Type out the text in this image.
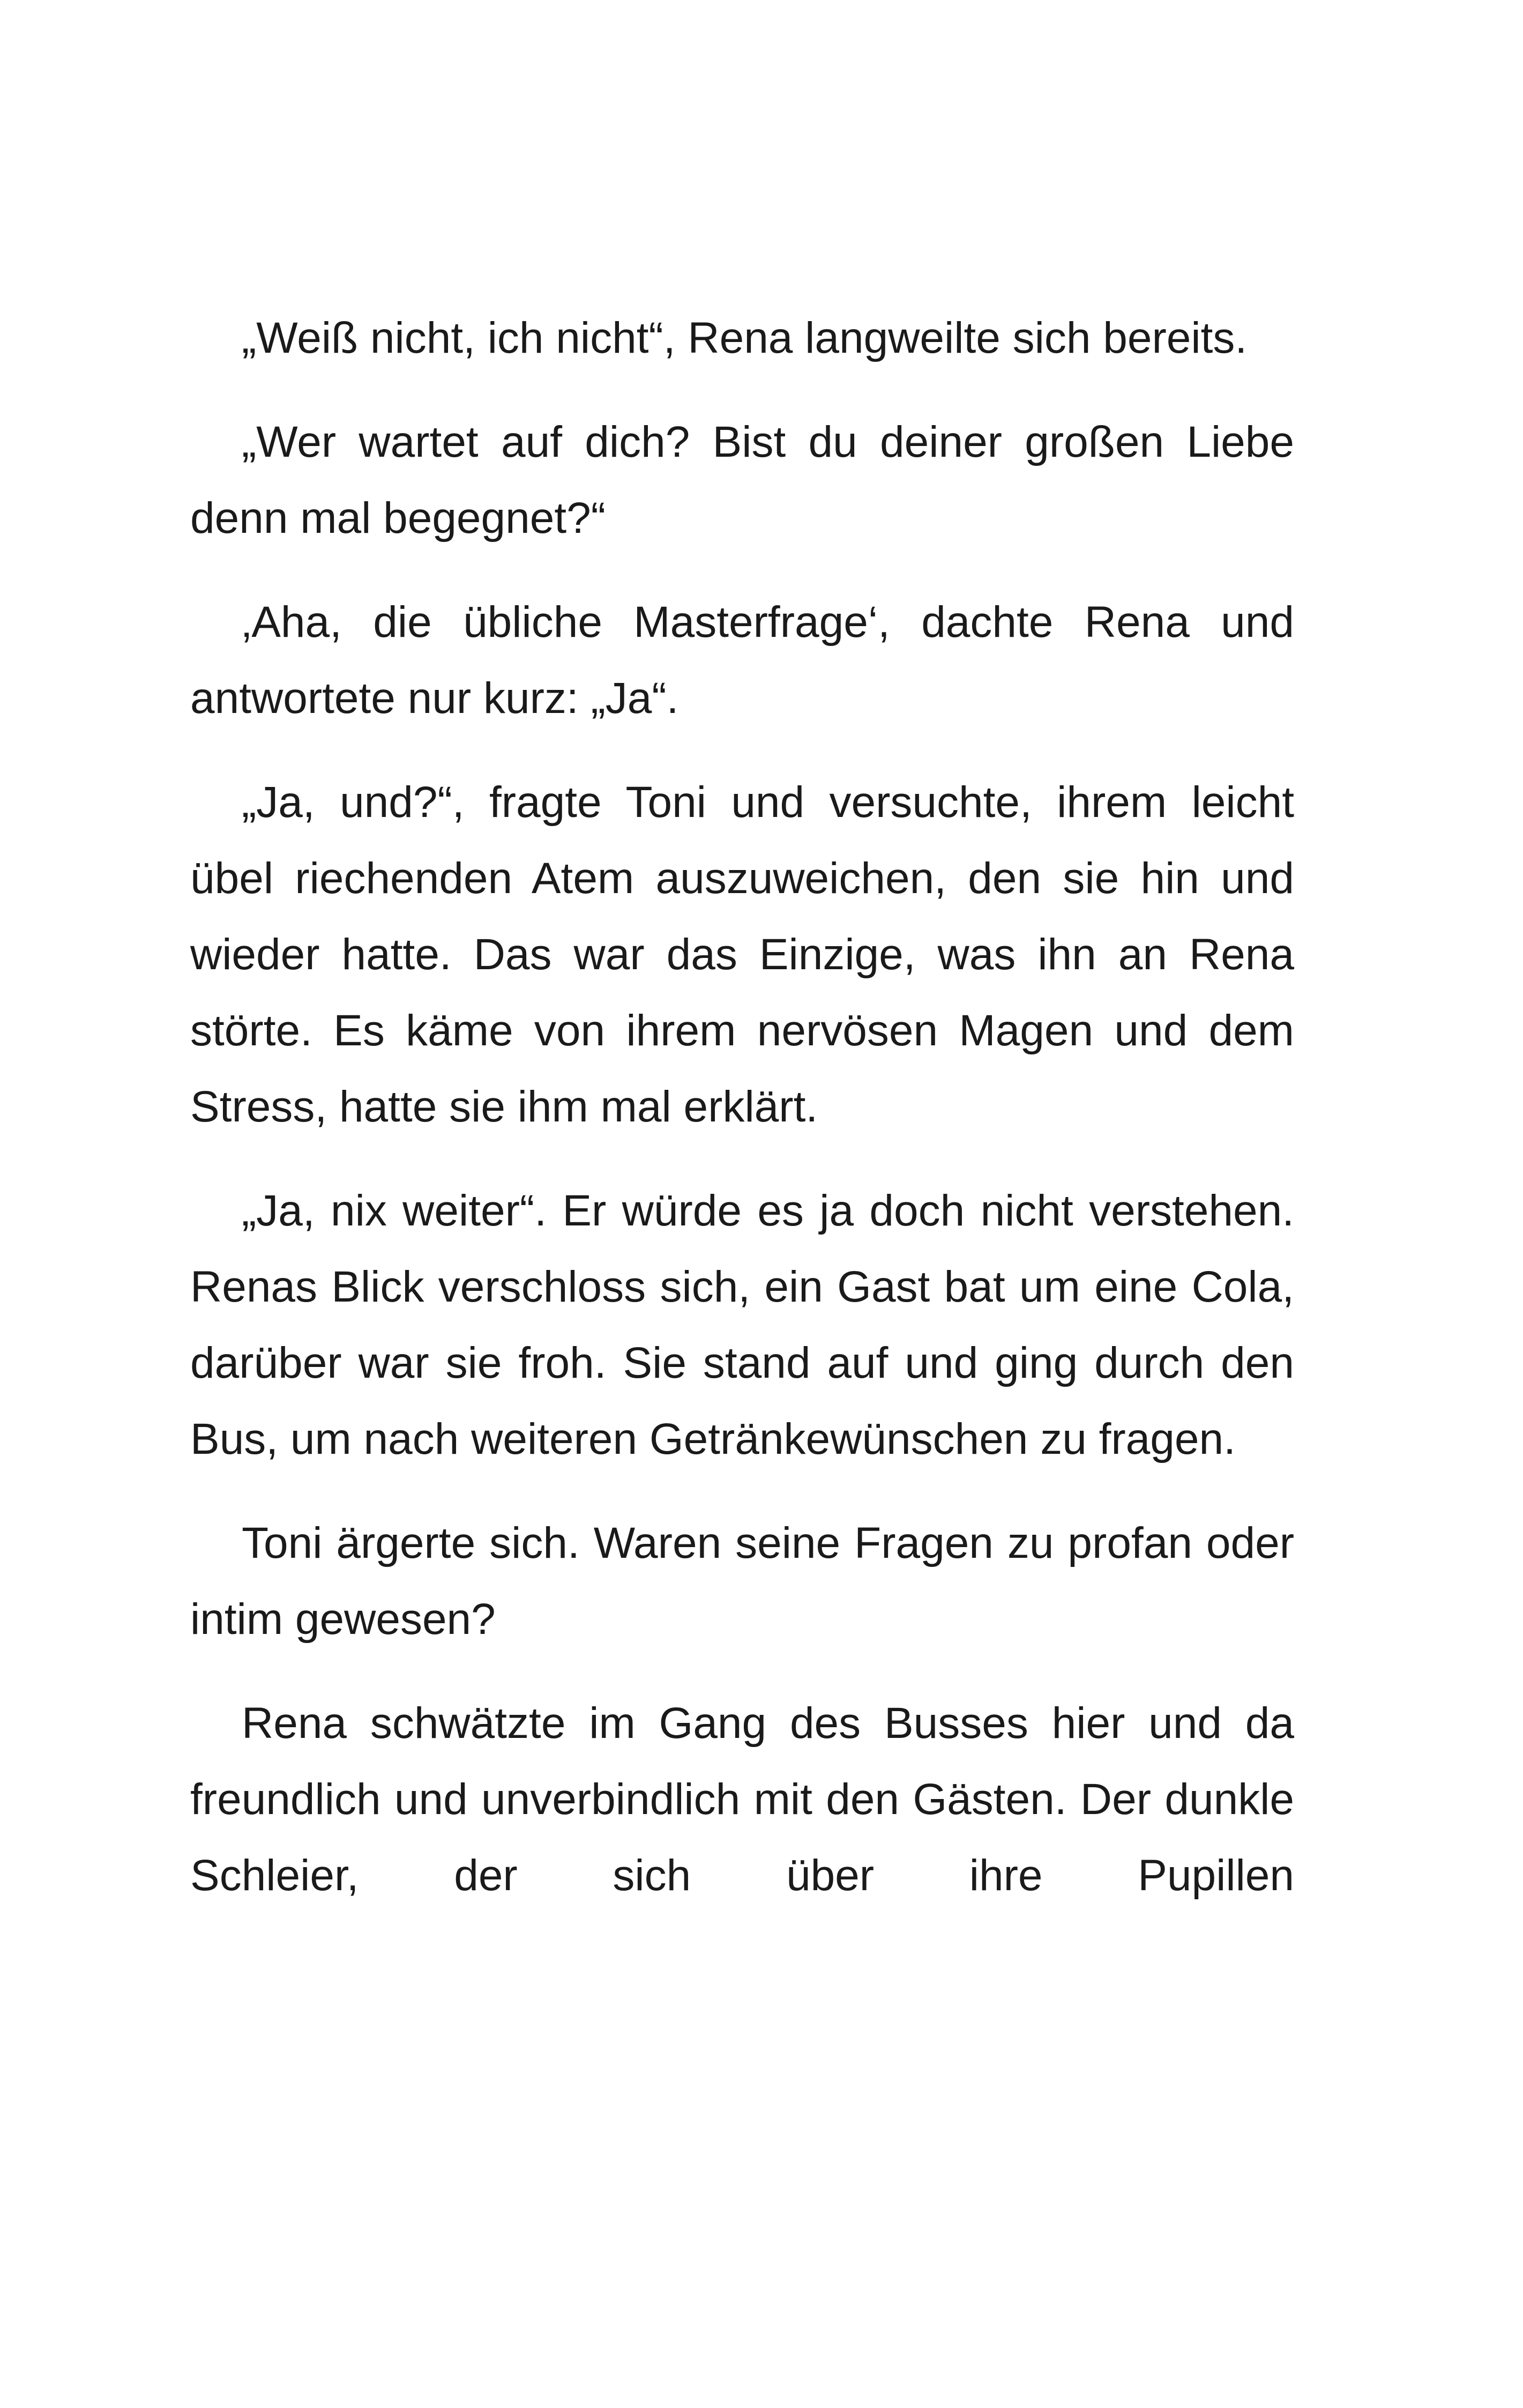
„Weiß nicht, ich nicht“, Rena langweilte sich bereits.

„Wer wartet auf dich? Bist du deiner großen Liebe denn mal begegnet?“

‚Aha, die übliche Masterfrage‘, dachte Rena und antwortete nur kurz: „Ja“.

„Ja, und?“, fragte Toni und versuchte, ihrem leicht übel riechenden Atem auszuweichen, den sie hin und wieder hatte. Das war das Einzige, was ihn an Rena störte. Es käme von ihrem nervösen Magen und dem Stress, hatte sie ihm mal erklärt.

„Ja, nix weiter“. Er würde es ja doch nicht verstehen. Renas Blick verschloss sich, ein Gast bat um eine Cola, darüber war sie froh. Sie stand auf und ging durch den Bus, um nach weiteren Getränkewünschen zu fragen.

Toni ärgerte sich. Waren seine Fragen zu profan oder intim gewesen?

Rena schwätzte im Gang des Busses hier und da freundlich und unverbindlich mit den Gästen. Der dunkle Schleier, der sich über ihre Pupillen
